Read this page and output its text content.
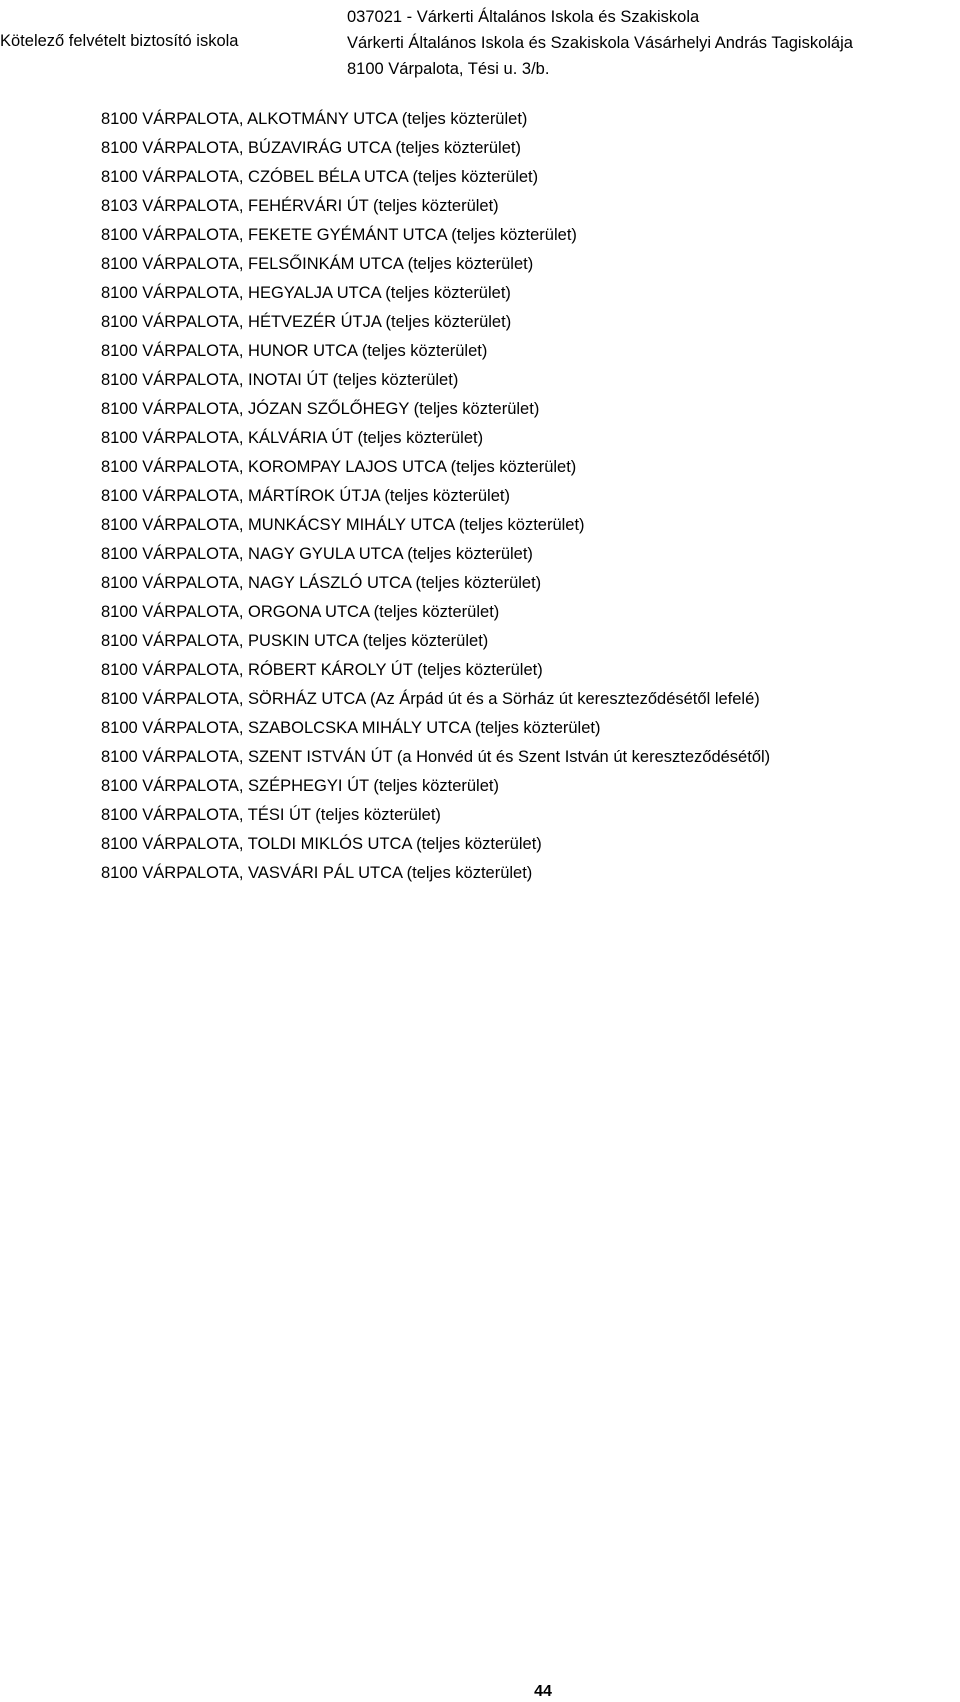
Kötelező felvételt biztosító iskola
037021 - Várkerti Általános Iskola és Szakiskola
Várkerti Általános Iskola és Szakiskola Vásárhelyi András Tagiskolája
8100 Várpalota, Tési u. 3/b.
8100 VÁRPALOTA, ALKOTMÁNY UTCA (teljes közterület)
8100 VÁRPALOTA, BÚZAVIRÁG UTCA (teljes közterület)
8100 VÁRPALOTA, CZÓBEL BÉLA UTCA (teljes közterület)
8103 VÁRPALOTA, FEHÉRVÁRI ÚT (teljes közterület)
8100 VÁRPALOTA, FEKETE GYÉMÁNT UTCA (teljes közterület)
8100 VÁRPALOTA, FELSŐINKÁM UTCA (teljes közterület)
8100 VÁRPALOTA, HEGYALJA UTCA (teljes közterület)
8100 VÁRPALOTA, HÉTVEZÉR ÚTJA (teljes közterület)
8100 VÁRPALOTA, HUNOR UTCA (teljes közterület)
8100 VÁRPALOTA, INOTAI ÚT (teljes közterület)
8100 VÁRPALOTA, JÓZAN SZŐLŐHEGY (teljes közterület)
8100 VÁRPALOTA, KÁLVÁRIA ÚT (teljes közterület)
8100 VÁRPALOTA, KOROMPAY LAJOS UTCA (teljes közterület)
8100 VÁRPALOTA, MÁRTÍROK ÚTJA (teljes közterület)
8100 VÁRPALOTA, MUNKÁCSY MIHÁLY UTCA (teljes közterület)
8100 VÁRPALOTA, NAGY GYULA UTCA (teljes közterület)
8100 VÁRPALOTA, NAGY LÁSZLÓ UTCA (teljes közterület)
8100 VÁRPALOTA, ORGONA UTCA (teljes közterület)
8100 VÁRPALOTA, PUSKIN UTCA (teljes közterület)
8100 VÁRPALOTA, RÓBERT KÁROLY ÚT (teljes közterület)
8100 VÁRPALOTA, SÖRHÁZ UTCA (Az Árpád út és a Sörház út kereszteződésétől lefelé)
8100 VÁRPALOTA, SZABOLCSKA MIHÁLY UTCA (teljes közterület)
8100 VÁRPALOTA, SZENT ISTVÁN ÚT (a Honvéd út és Szent István út kereszteződésétől)
8100 VÁRPALOTA, SZÉPHEGYI ÚT (teljes közterület)
8100 VÁRPALOTA, TÉSI ÚT (teljes közterület)
8100 VÁRPALOTA, TOLDI MIKLÓS UTCA (teljes közterület)
8100 VÁRPALOTA, VASVÁRI PÁL UTCA (teljes közterület)
44
